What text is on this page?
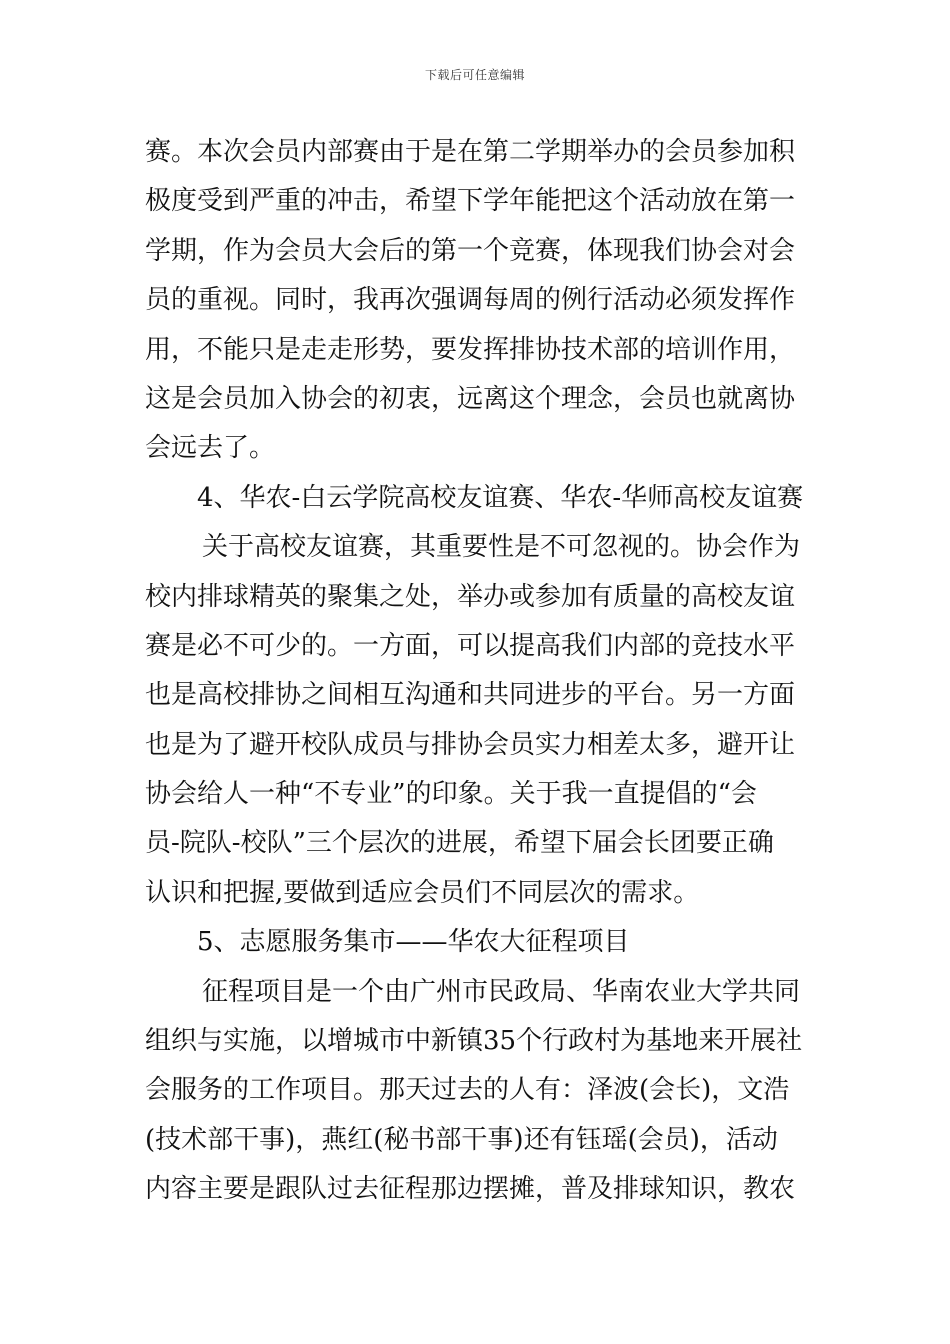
下载后可任意编辑
赛。本次会员内部赛由于是在第二学期举办的会员参加积
极度受到严重的冲击，希望下学年能把这个活动放在第一
学期，作为会员大会后的第一个竞赛，体现我们协会对会
员的重视。同时，我再次强调每周的例行活动必须发挥作
用，不能只是走走形势，要发挥排协技术部的培训作用，
这是会员加入协会的初衷，远离这个理念，会员也就离协
会远去了。
4、华农-白云学院高校友谊赛、华农-华师高校友谊赛
关于高校友谊赛，其重要性是不可忽视的。协会作为
校内排球精英的聚集之处，举办或参加有质量的高校友谊
赛是必不可少的。一方面，可以提高我们内部的竞技水平
也是高校排协之间相互沟通和共同进步的平台。另一方面
也是为了避开校队成员与排协会员实力相差太多，避开让
协会给人一种“不专业”的印象。关于我一直提倡的“会
员-院队-校队”三个层次的进展，希望下届会长团要正确
认识和把握,要做到适应会员们不同层次的需求。
5、志愿服务集市——华农大征程项目
征程项目是一个由广州市民政局、华南农业大学共同
组织与实施，以增城市中新镇35个行政村为基地来开展社
会服务的工作项目。那天过去的人有：泽波(会长)，文浩
(技术部干事)，燕红(秘书部干事)还有钰瑶(会员)，活动
内容主要是跟队过去征程那边摆摊，普及排球知识，教农
